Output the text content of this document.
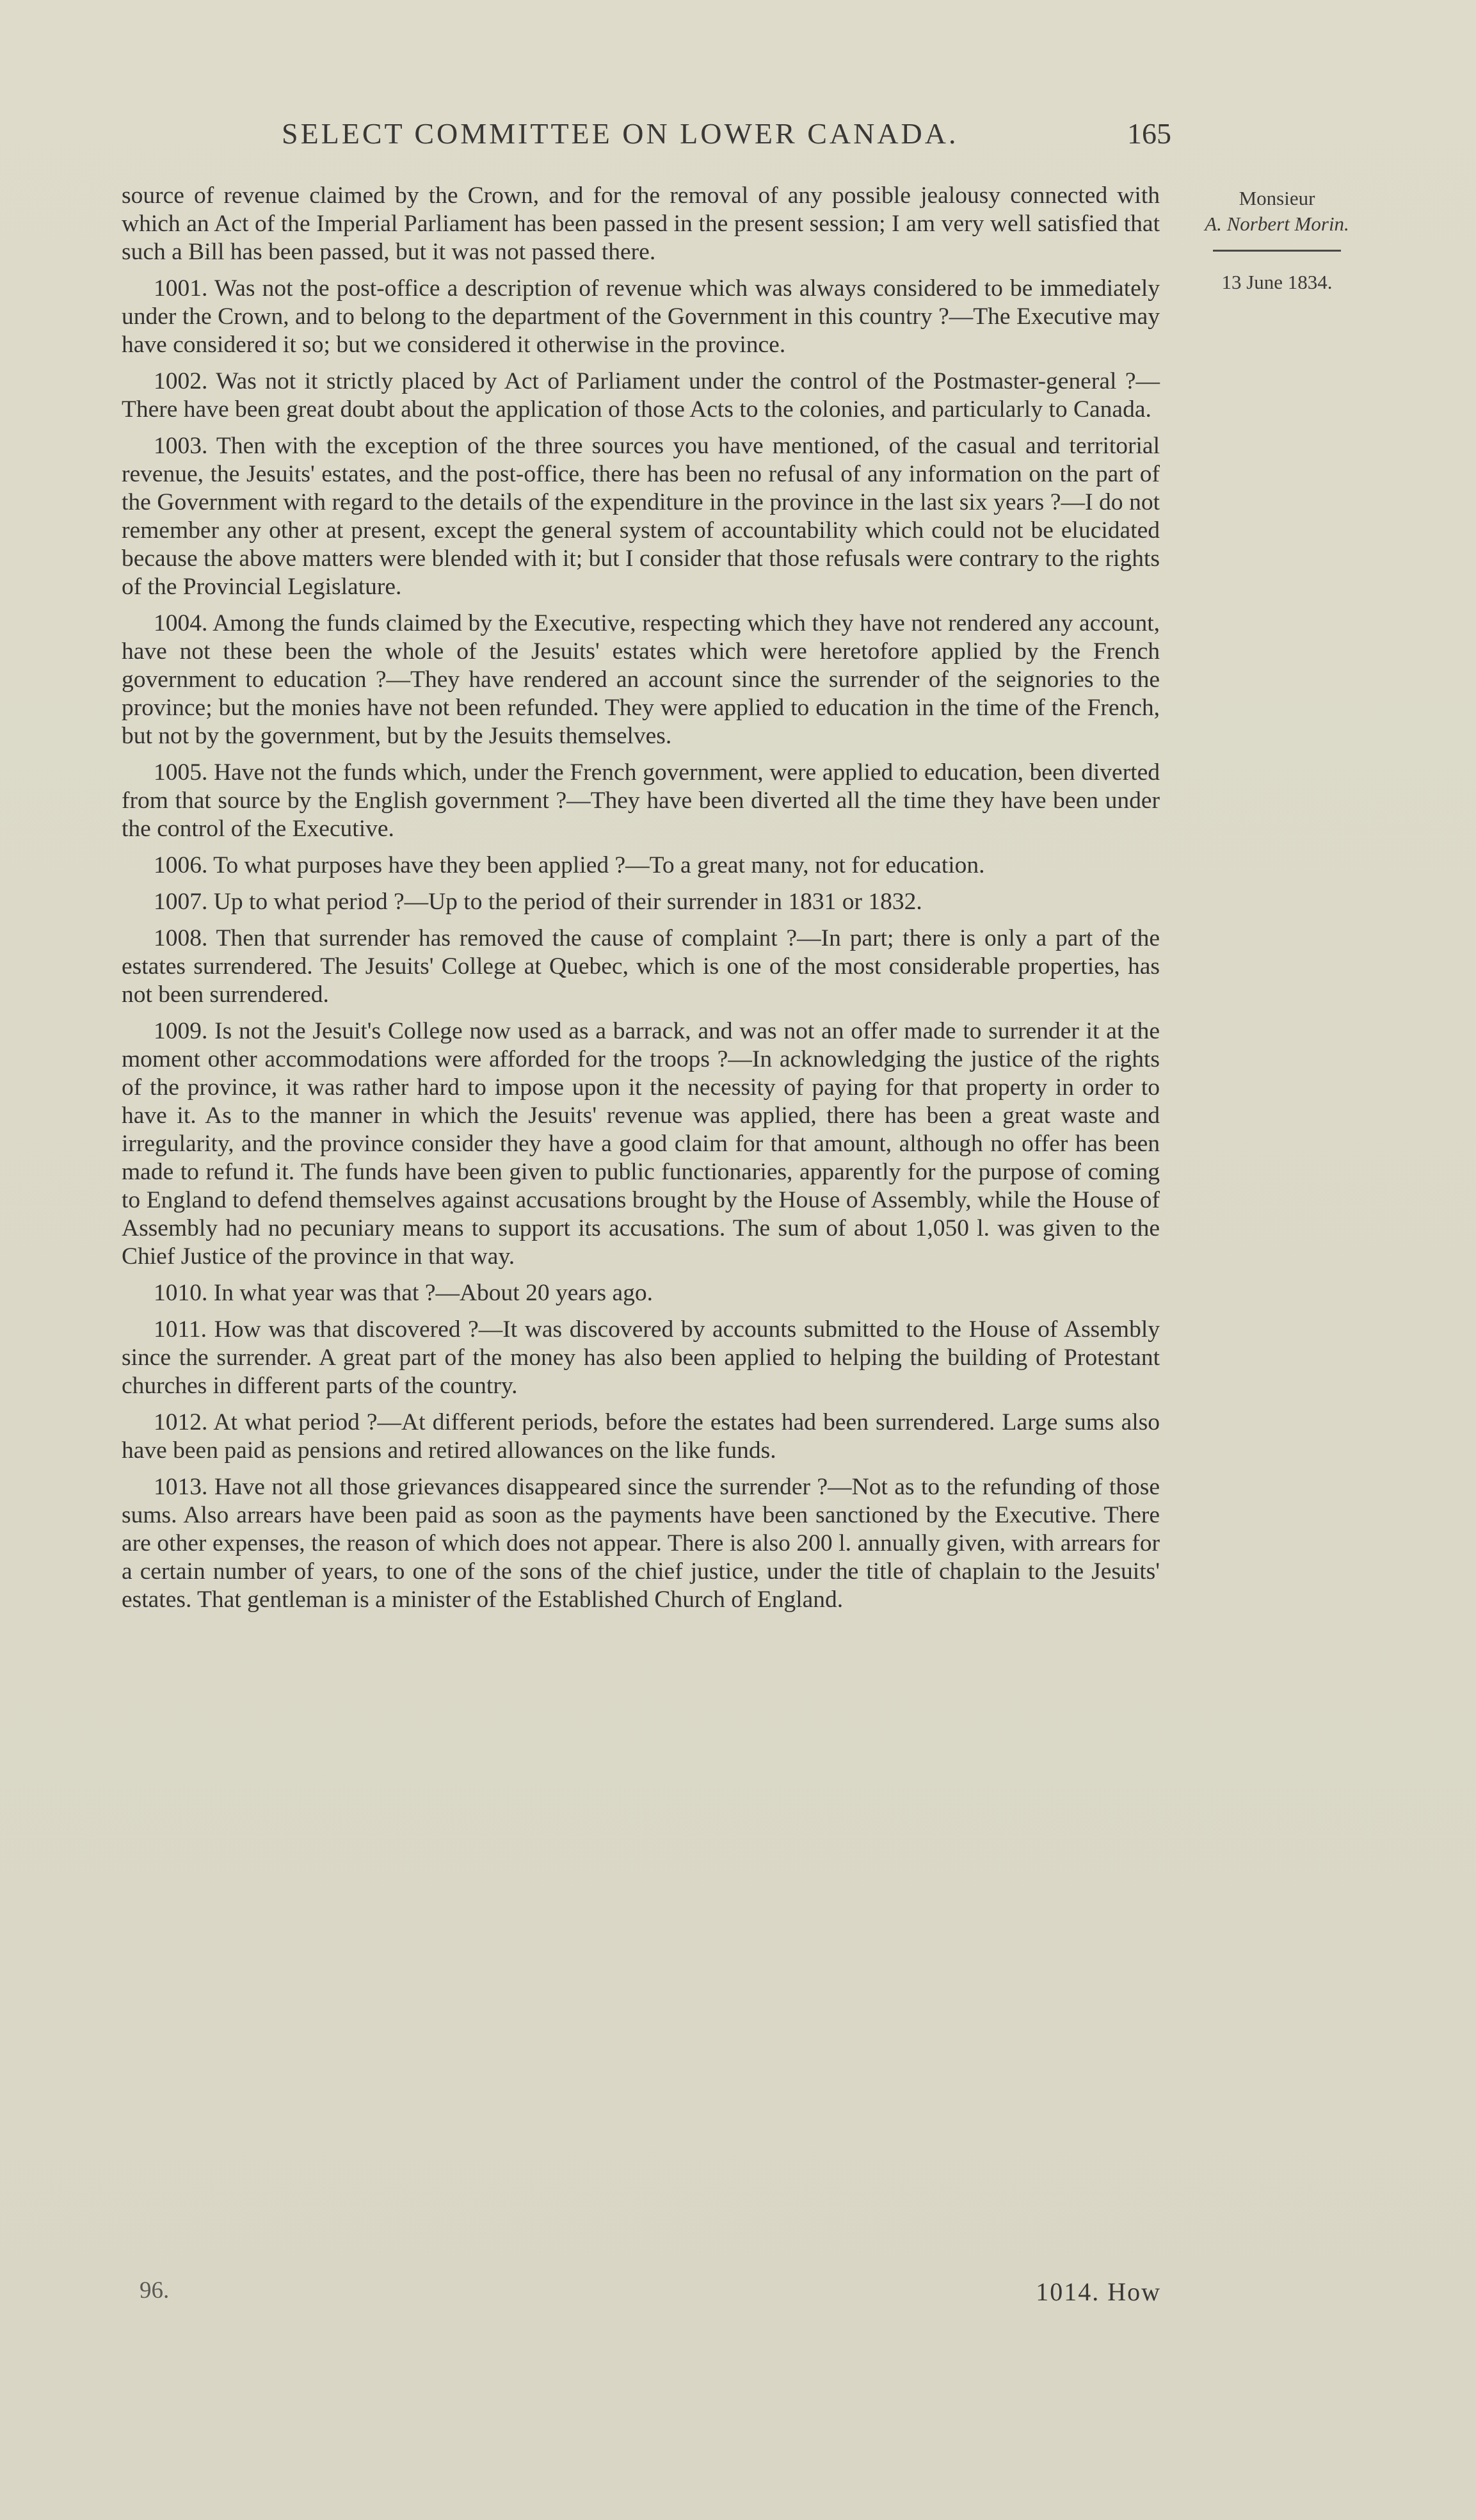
SELECT COMMITTEE ON LOWER CANADA.	165
Monsieur
A. Norbert Morin.
13 June 1834.

source of revenue claimed by the Crown, and for the removal of any possible jealousy connected with which an Act of the Imperial Parliament has been passed in the present session; I am very well satisfied that such a Bill has been passed, but it was not passed there.

1001. Was not the post-office a description of revenue which was always considered to be immediately under the Crown, and to belong to the department of the Government in this country ?—The Executive may have considered it so; but we considered it otherwise in the province.

1002. Was not it strictly placed by Act of Parliament under the control of the Postmaster-general ?—There have been great doubt about the application of those Acts to the colonies, and particularly to Canada.

1003. Then with the exception of the three sources you have mentioned, of the casual and territorial revenue, the Jesuits' estates, and the post-office, there has been no refusal of any information on the part of the Government with regard to the details of the expenditure in the province in the last six years ?—I do not remember any other at present, except the general system of accountability which could not be elucidated because the above matters were blended with it; but I consider that those refusals were contrary to the rights of the Provincial Legislature.

1004. Among the funds claimed by the Executive, respecting which they have not rendered any account, have not these been the whole of the Jesuits' estates which were heretofore applied by the French government to education ?—They have rendered an account since the surrender of the seignories to the province; but the monies have not been refunded. They were applied to education in the time of the French, but not by the government, but by the Jesuits themselves.

1005. Have not the funds which, under the French government, were applied to education, been diverted from that source by the English government ?—They have been diverted all the time they have been under the control of the Executive.

1006. To what purposes have they been applied ?—To a great many, not for education.

1007. Up to what period ?—Up to the period of their surrender in 1831 or 1832.

1008. Then that surrender has removed the cause of complaint ?—In part; there is only a part of the estates surrendered. The Jesuits' College at Quebec, which is one of the most considerable properties, has not been surrendered.

1009. Is not the Jesuit's College now used as a barrack, and was not an offer made to surrender it at the moment other accommodations were afforded for the troops ?—In acknowledging the justice of the rights of the province, it was rather hard to impose upon it the necessity of paying for that property in order to have it. As to the manner in which the Jesuits' revenue was applied, there has been a great waste and irregularity, and the province consider they have a good claim for that amount, although no offer has been made to refund it. The funds have been given to public functionaries, apparently for the purpose of coming to England to defend themselves against accusations brought by the House of Assembly, while the House of Assembly had no pecuniary means to support its accusations. The sum of about 1,050 l. was given to the Chief Justice of the province in that way.

1010. In what year was that ?—About 20 years ago.

1011. How was that discovered ?—It was discovered by accounts submitted to the House of Assembly since the surrender. A great part of the money has also been applied to helping the building of Protestant churches in different parts of the country.

1012. At what period ?—At different periods, before the estates had been surrendered. Large sums also have been paid as pensions and retired allowances on the like funds.

1013. Have not all those grievances disappeared since the surrender ?—Not as to the refunding of those sums. Also arrears have been paid as soon as the payments have been sanctioned by the Executive. There are other expenses, the reason of which does not appear. There is also 200 l. annually given, with arrears for a certain number of years, to one of the sons of the chief justice, under the title of chaplain to the Jesuits' estates. That gentleman is a minister of the Established Church of England.

96.	1014. How
